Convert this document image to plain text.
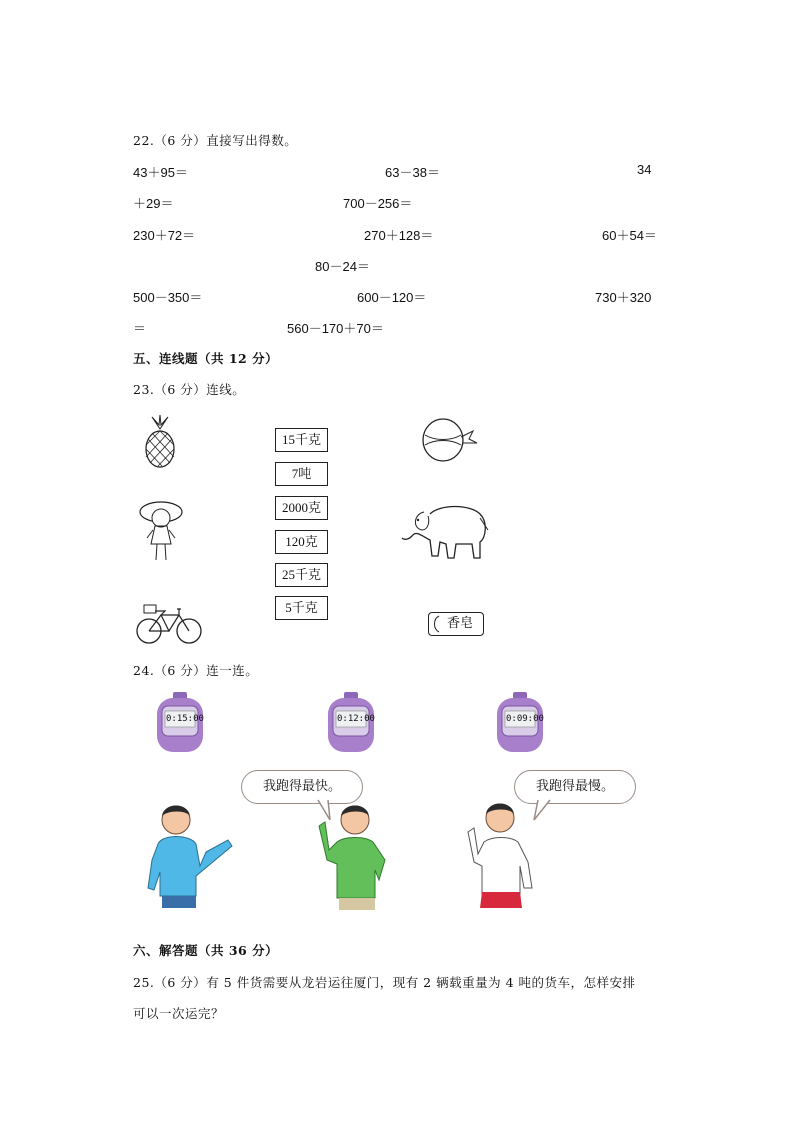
22.（6 分）直接写出得数。
43＋95＝	63－38＝	34
＋29＝	700－256＝
230＋72＝	270＋128＝	60＋54＝
80－24＝
500－350＝	600－120＝	730＋320
＝	560－170＋70＝
五、连线题（共 12 分）
23.（6 分）连线。
15千克
7吨
2000克
120克
25千克
5千克
香皂
24.（6 分）连一连。
0:15:00	0:12:00	0:09:00
我跑得最快。	我跑得最慢。
六、解答题（共 36 分）
25.（6 分）有 5 件货需要从龙岩运往厦门，现有 2 辆载重量为 4 吨的货车，怎样安排
可以一次运完？
